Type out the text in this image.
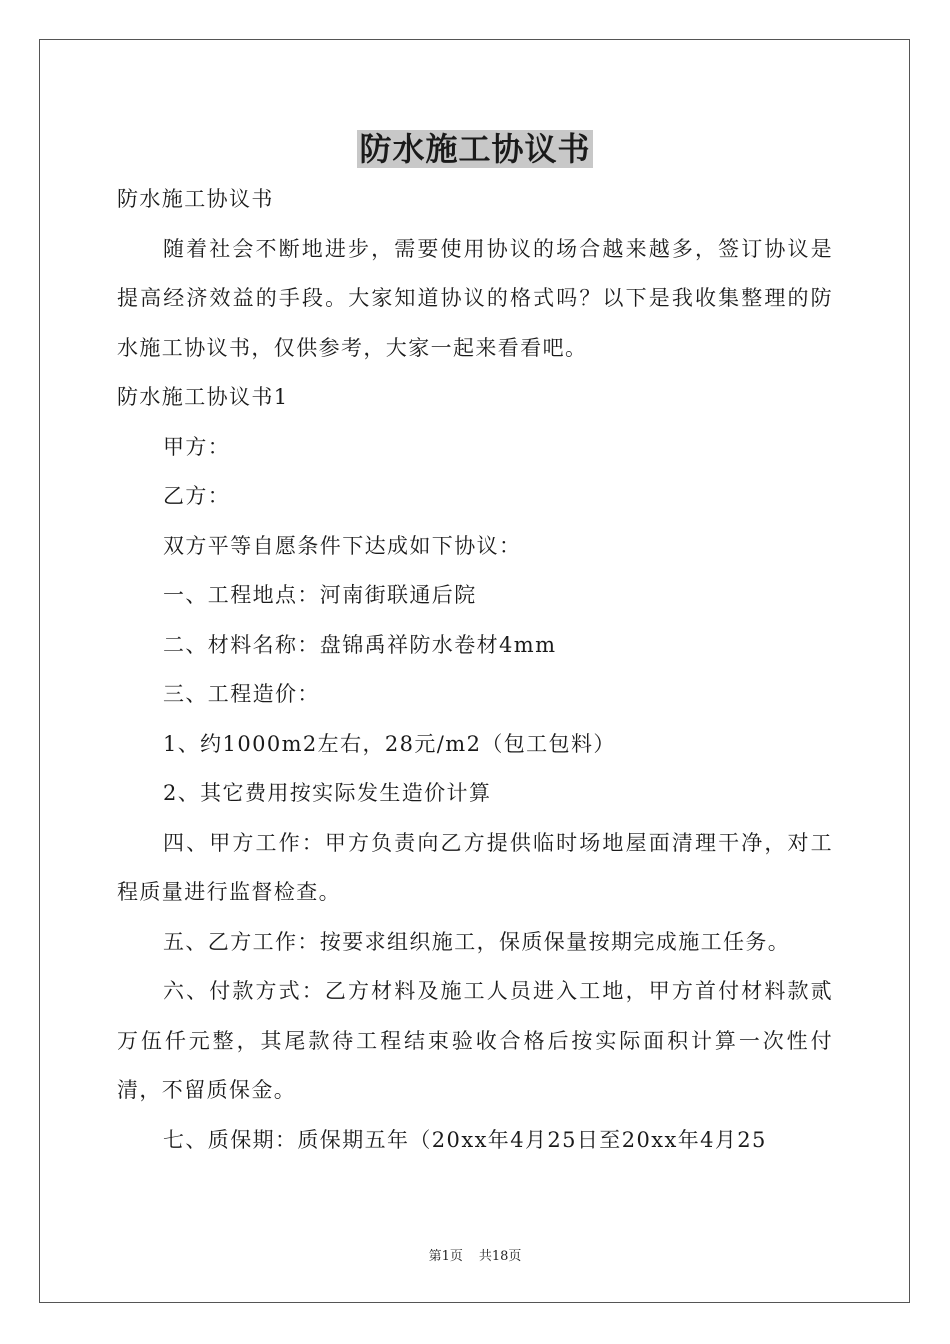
防水施工协议书

防水施工协议书

随着社会不断地进步，需要使用协议的场合越来越多，签订协议是提高经济效益的手段。大家知道协议的格式吗？以下是我收集整理的防水施工协议书，仅供参考，大家一起来看看吧。

防水施工协议书1

甲方：

乙方：

双方平等自愿条件下达成如下协议：

一、工程地点：河南街联通后院

二、材料名称：盘锦禹祥防水卷材4mm

三、工程造价：

1、约1000m2左右，28元/m2（包工包料）

2、其它费用按实际发生造价计算

四、甲方工作：甲方负责向乙方提供临时场地屋面清理干净，对工程质量进行监督检查。

五、乙方工作：按要求组织施工，保质保量按期完成施工任务。

六、付款方式：乙方材料及施工人员进入工地，甲方首付材料款贰万伍仟元整，其尾款待工程结束验收合格后按实际面积计算一次性付清，不留质保金。

七、质保期：质保期五年（20xx年4月25日至20xx年4月25

第1页 共18页
